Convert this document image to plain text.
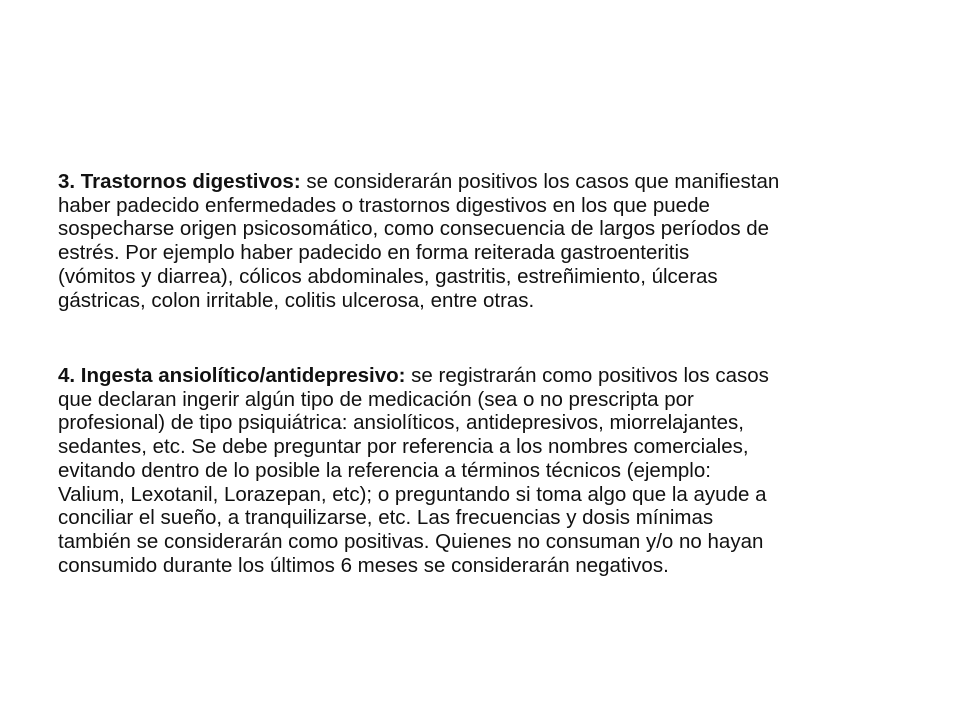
3. Trastornos digestivos: se considerarán positivos los casos que manifiestan
haber padecido enfermedades o trastornos digestivos en los que puede
sospecharse origen psicosomático, como consecuencia de largos períodos de
estrés. Por ejemplo haber padecido en forma reiterada gastroenteritis
(vómitos y diarrea), cólicos abdominales, gastritis, estreñimiento, úlceras
gástricas, colon irritable, colitis ulcerosa, entre otras.

4. Ingesta ansiolítico/antidepresivo: se registrarán como positivos los casos
que declaran ingerir algún tipo de medicación (sea o no prescripta por
profesional) de tipo psiquiátrica: ansiolíticos, antidepresivos, miorrelajantes,
sedantes, etc. Se debe preguntar por referencia a los nombres comerciales,
evitando dentro de lo posible la referencia a términos técnicos (ejemplo:
Valium, Lexotanil, Lorazepan, etc); o preguntando si toma algo que la ayude a
conciliar el sueño, a tranquilizarse, etc. Las frecuencias y dosis mínimas
también se considerarán como positivas. Quienes no consuman y/o no hayan
consumido durante los últimos 6 meses se considerarán negativos.
